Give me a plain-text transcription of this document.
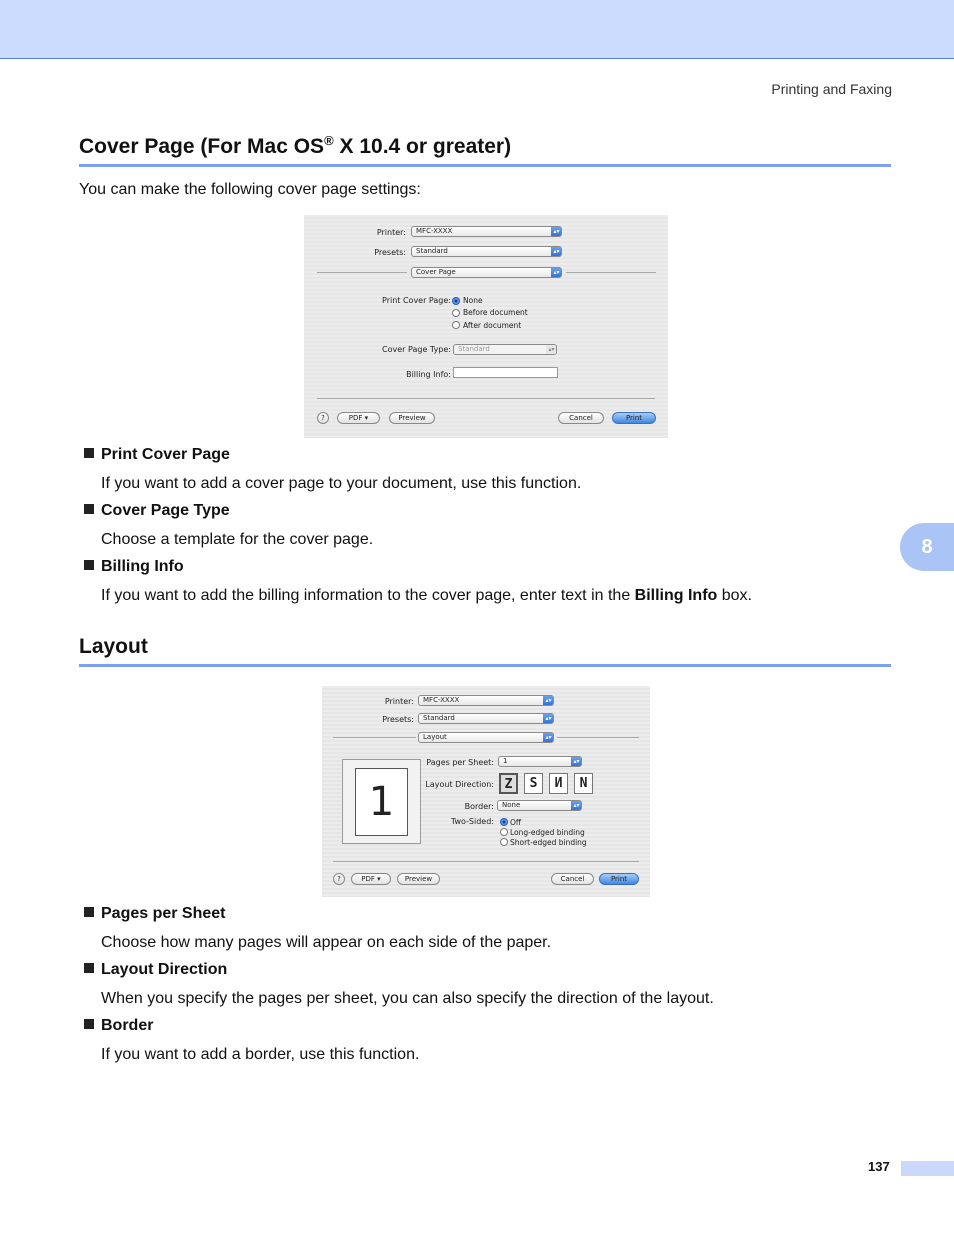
Printing and Faxing
Cover Page (For Mac OS® X 10.4 or greater)
You can make the following cover page settings:
Printer:	MFC-XXXX	▴▾
Presets:	Standard	▴▾
Cover Page	▴▾
Print Cover Page: None
Before document
After document
Cover Page Type:	Standard	▴▾
Billing Info:
?	PDF ▾	Preview	Cancel	Print
Print Cover Page
If you want to add a cover page to your document, use this function.
Cover Page Type
Choose a template for the cover page.
Billing Info
If you want to add the billing information to the cover page, enter text in the Billing Info box.
8
Layout
Printer:	MFC-XXXX	▴▾
Presets:	Standard	▴▾
Layout	▴▾
1
Pages per Sheet:	1	▴▾
Layout Direction: Z	S	И	N
Border:	None	▴▾
Two-Sided: Off
Long-edged binding
Short-edged binding
?	PDF ▾	Preview	Cancel	Print
Pages per Sheet
Choose how many pages will appear on each side of the paper.
Layout Direction
When you specify the pages per sheet, you can also specify the direction of the layout.
Border
If you want to add a border, use this function.
137
